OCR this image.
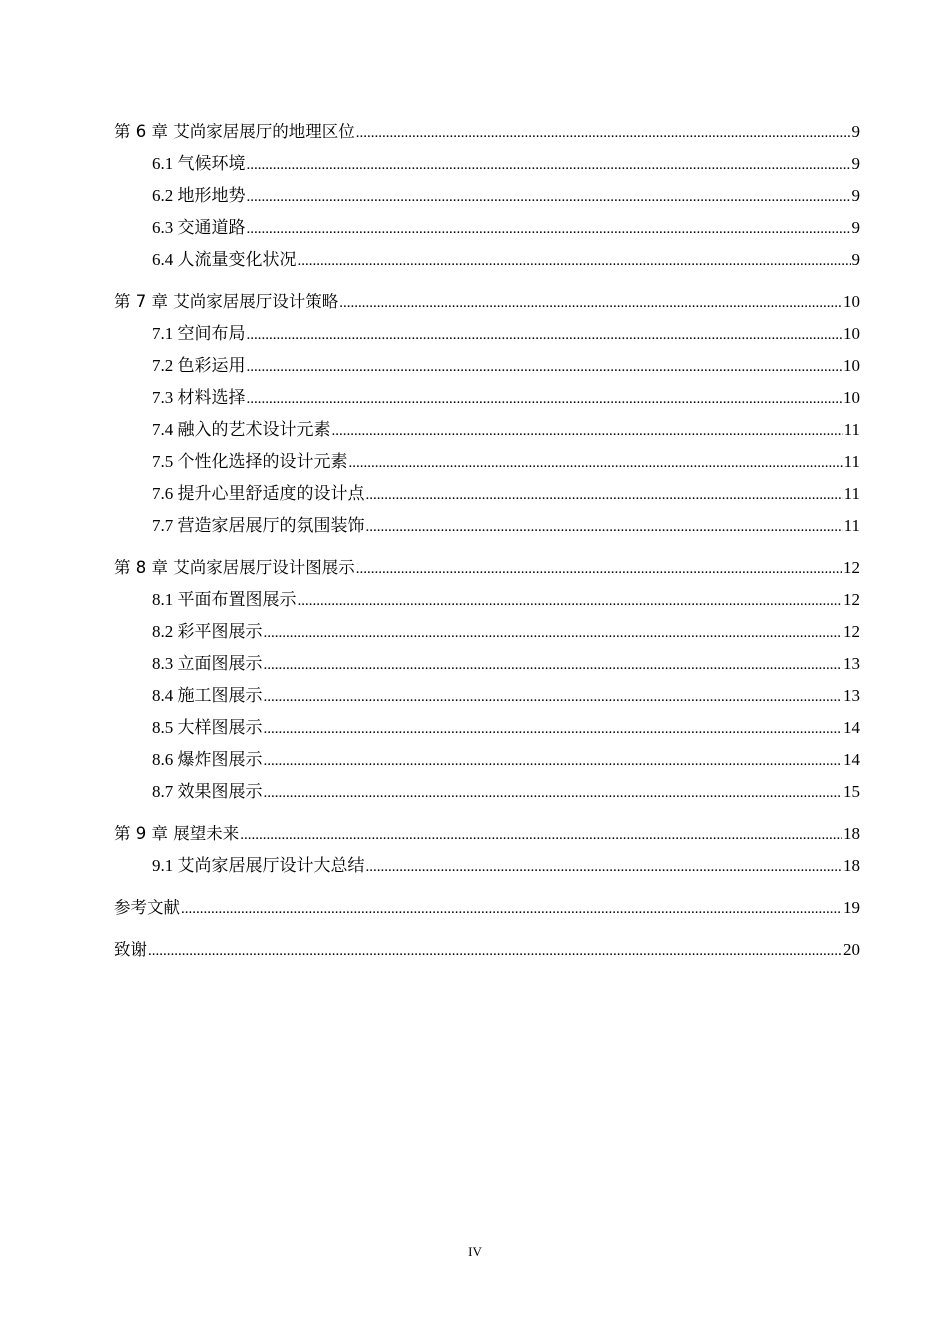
第 6 章 艾尚家居展厅的地理区位 .....	9
6.1 气候环境 .....	9
6.2 地形地势 .....	9
6.3 交通道路 .....	9
6.4 人流量变化状况 .....	9
第 7 章 艾尚家居展厅设计策略 .....	10
7.1 空间布局 .....	10
7.2 色彩运用 .....	10
7.3 材料选择 .....	10
7.4 融入的艺术设计元素 .....	11
7.5 个性化选择的设计元素 .....	11
7.6 提升心里舒适度的设计点 .....	11
7.7 营造家居展厅的氛围装饰 .....	11
第 8 章 艾尚家居展厅设计图展示 .....	12
8.1 平面布置图展示 .....	12
8.2 彩平图展示 .....	12
8.3 立面图展示 .....	13
8.4 施工图展示 .....	13
8.5 大样图展示 .....	14
8.6 爆炸图展示 .....	14
8.7 效果图展示 .....	15
第 9 章 展望未来 .....	18
9.1 艾尚家居展厅设计大总结 .....	18
参考文献 .....	19
致谢 .....	20
IV
